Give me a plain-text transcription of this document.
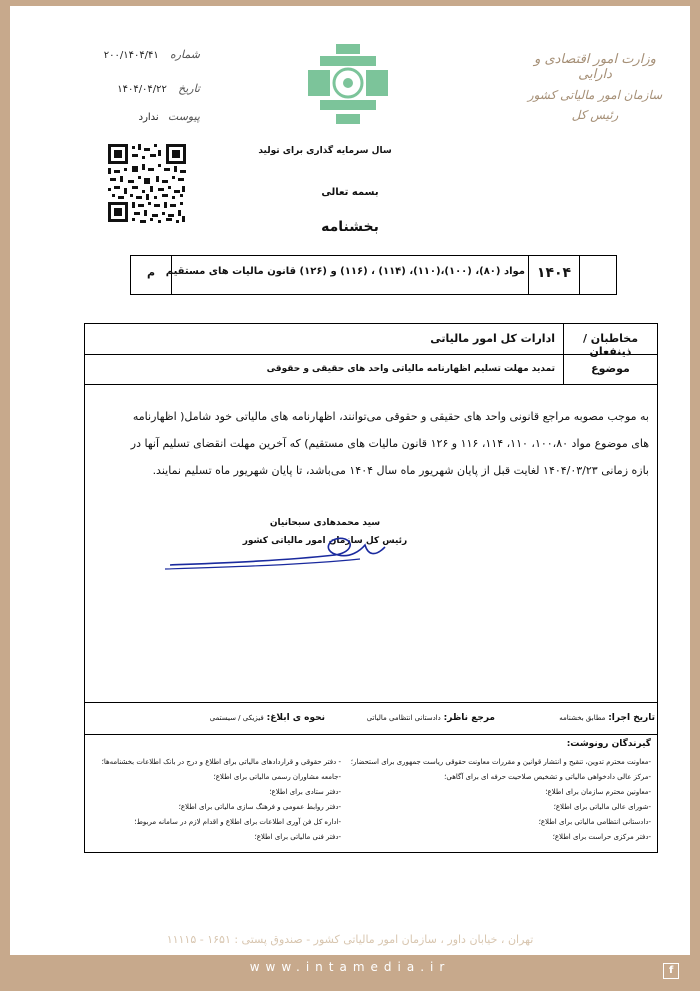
وزارت امور اقتصادی و دارایی
سازمان امور مالیاتی کشور
رئیس کل
سال سرمایه گذاری برای تولید
بسمه تعالی
بخشنامه
شماره ۲۰۰/۱۴۰۴/۴۱
تاریخ ۱۴۰۴/۰۴/۲۲
پیوست ندارد
۱۴۰۴
مواد (۸۰)، (۱۰۰)،(۱۱۰)، (۱۱۴) ، (۱۱۶) و (۱۲۶) قانون مالیات های مستقیم
م
مخاطبان / ذینفعان
ادارات کل امور مالیاتی
موضوع
تمدید مهلت تسلیم اظهارنامه مالیاتی واحد های حقیقی و حقوقی
به موجب مصوبه مراجع قانونی واحد های حقیقی و حقوقی می‌توانند، اظهارنامه های مالیاتی خود شامل( اظهارنامه
های موضوع مواد ۱۰۰،۸۰، ۱۱۰، ۱۱۴، ۱۱۶ و ۱۲۶ قانون مالیات های مستقیم) که آخرین مهلت انقضای تسلیم آنها در
بازه زمانی ۱۴۰۴/۰۳/۲۳ لغایت قبل از پایان شهریور ماه سال ۱۴۰۴ می‌باشد، تا پایان شهریور ماه تسلیم نمایند.
سید محمدهادی سبحانیان
رئیس کل سازمان امور مالیاتی کشور
تاریخ اجرا: مطابق بخشنامه
مرجع ناظر: دادستانی انتظامی مالیاتی
نحوه ی ابلاغ: فیزیکی / سیستمی
گیرندگان رونوشت:
-معاونت محترم تدوین، تنقیح و انتشار قوانین و مقررات معاونت حقوقی ریاست جمهوری برای استحضار؛
-مرکز عالی دادخواهی مالیاتی و تشخیص صلاحیت حرفه ای برای آگاهی؛
-معاونین محترم سازمان برای اطلاع؛
-شورای عالی مالیاتی برای اطلاع؛
-دادستانی انتظامی مالیاتی برای اطلاع؛
-دفتر مرکزی حراست برای اطلاع؛
- دفتر حقوقی و قراردادهای مالیاتی برای اطلاع و درج در بانک اطلاعات بخشنامه‌ها؛
-جامعه مشاوران رسمی مالیاتی برای اطلاع؛
-دفتر ستادی برای اطلاع؛
-دفتر روابط عمومی و فرهنگ سازی مالیاتی برای اطلاع؛
-اداره کل فن آوری اطلاعات برای اطلاع و اقدام لازم در سامانه مربوط؛
-دفتر فنی مالیاتی برای اطلاع؛
تهران ، خیابان داور ، سازمان امور مالیاتی کشور - صندوق پستی : ۱۶۵۱ - ۱۱۱۱۵
www.intamedia.ir	f
